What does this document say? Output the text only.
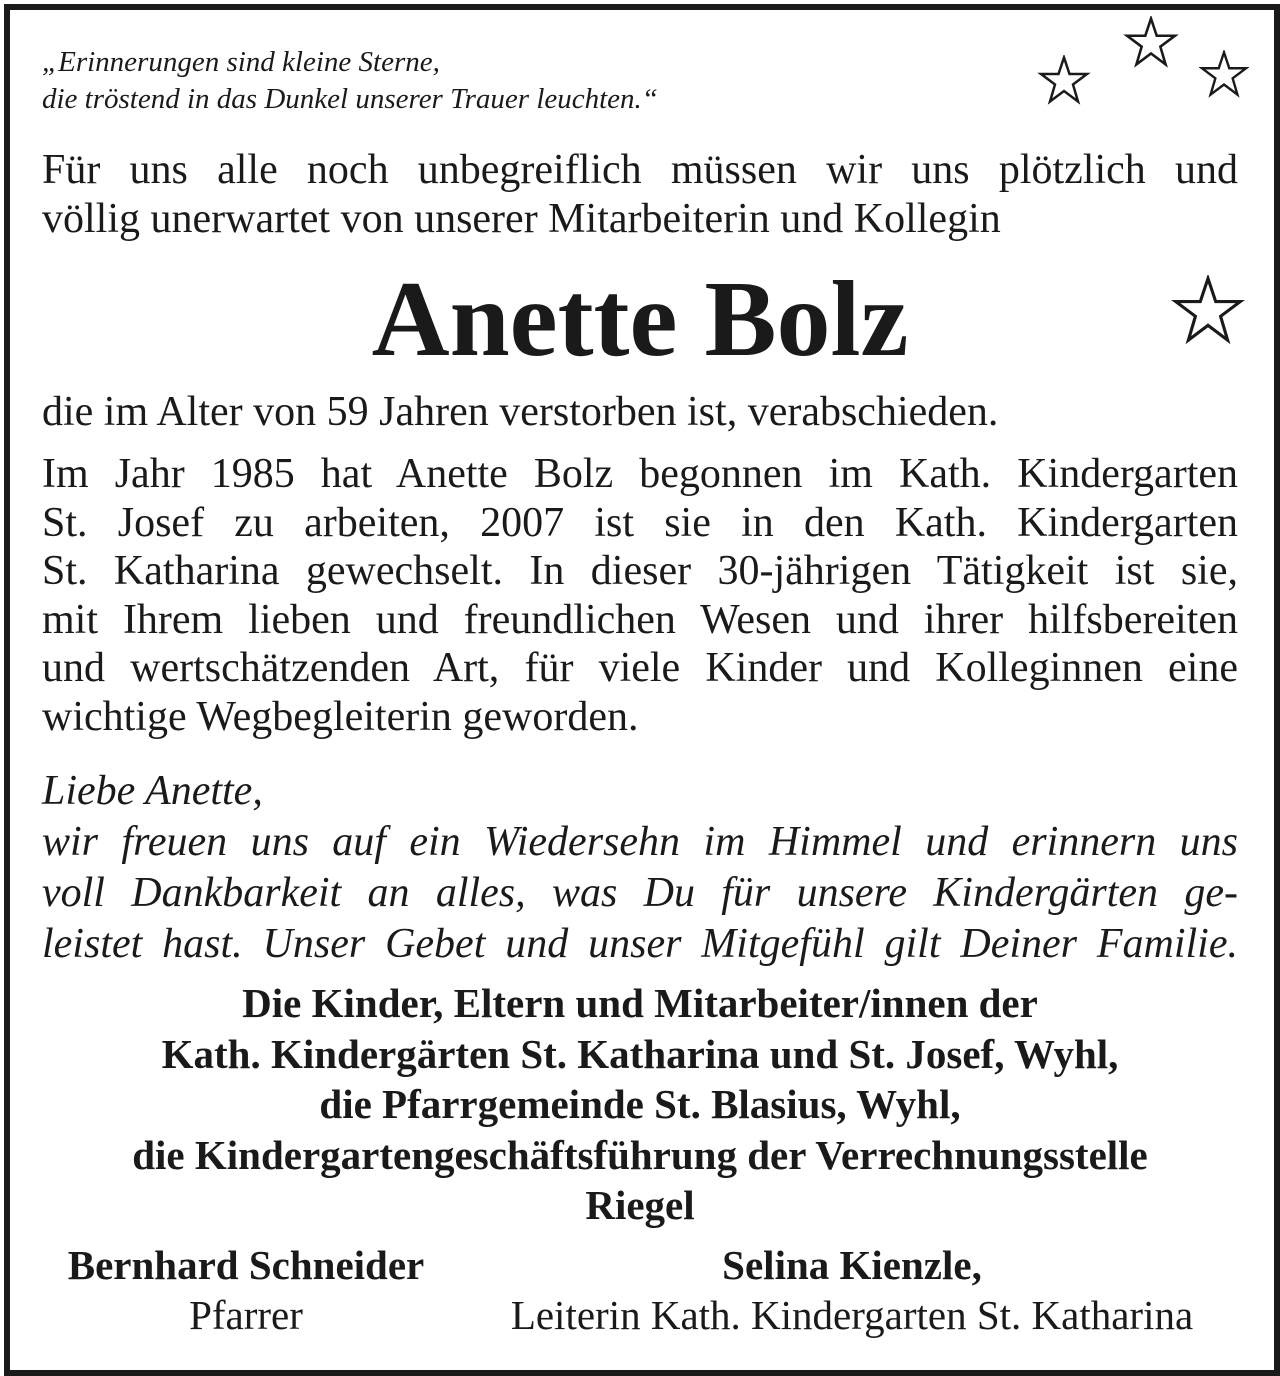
„Erinnerungen sind kleine Sterne,
die tröstend in das Dunkel unserer Trauer leuchten.“
Für uns alle noch unbegreiflich müssen wir uns plötzlich und
völlig unerwartet von unserer Mitarbeiterin und Kollegin
Anette Bolz
die im Alter von 59 Jahren verstorben ist, verabschieden.
Im Jahr 1985 hat Anette Bolz begonnen im Kath. Kindergarten
St. Josef zu arbeiten, 2007 ist sie in den Kath. Kindergarten
St. Katharina gewechselt. In dieser 30-jährigen Tätigkeit ist sie,
mit Ihrem lieben und freundlichen Wesen und ihrer hilfsbereiten
und wertschätzenden Art, für viele Kinder und Kolleginnen eine
wichtige Wegbegleiterin geworden.
Liebe Anette,
wir freuen uns auf ein Wiedersehn im Himmel und erinnern uns
voll Dankbarkeit an alles, was Du für unsere Kindergärten ge-
leistet hast. Unser Gebet und unser Mitgefühl gilt Deiner Familie.
Die Kinder, Eltern und Mitarbeiter/innen der
Kath. Kindergärten St. Katharina und St. Josef, Wyhl,
die Pfarrgemeinde St. Blasius, Wyhl,
die Kindergartengeschäftsführung der Verrechnungsstelle
Riegel
Bernhard Schneider
Pfarrer
Selina Kienzle,
Leiterin Kath. Kindergarten St. Katharina
